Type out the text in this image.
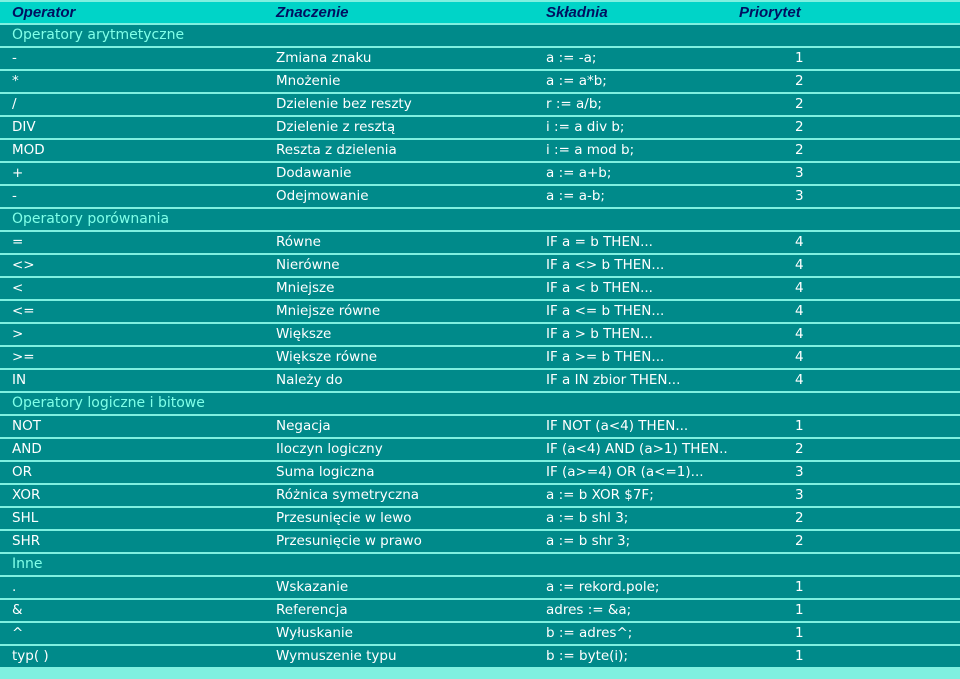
Operator	Znaczenie	Składnia	Priorytet
Operatory arytmetyczne
-	Zmiana znaku	a := -a;	1
*	Mnożenie	a := a*b;	2
/	Dzielenie bez reszty	r := a/b;	2
DIV	Dzielenie z resztą	i := a div b;	2
MOD	Reszta z dzielenia	i := a mod b;	2
+	Dodawanie	a := a+b;	3
-	Odejmowanie	a := a-b;	3
Operatory porównania
=	Równe	IF a = b THEN...	4
<>	Nierówne	IF a <> b THEN...	4
<	Mniejsze	IF a < b THEN...	4
<=	Mniejsze równe	IF a <= b THEN...	4
>	Większe	IF a > b THEN...	4
>=	Większe równe	IF a >= b THEN...	4
IN	Należy do	IF a IN zbior THEN...	4
Operatory logiczne i bitowe
NOT	Negacja	IF NOT (a<4) THEN...	1
AND	Iloczyn logiczny	IF (a<4) AND (a>1) THEN..	2
OR	Suma logiczna	IF (a>=4) OR (a<=1)...	3
XOR	Różnica symetryczna	a := b XOR $7F;	3
SHL	Przesunięcie w lewo	a := b shl 3;	2
SHR	Przesunięcie w prawo	a := b shr 3;	2
Inne
.	Wskazanie	a := rekord.pole;	1
&	Referencja	adres := &a;	1
^	Wyłuskanie	b := adres^;	1
typ( )	Wymuszenie typu	b := byte(i);	1
